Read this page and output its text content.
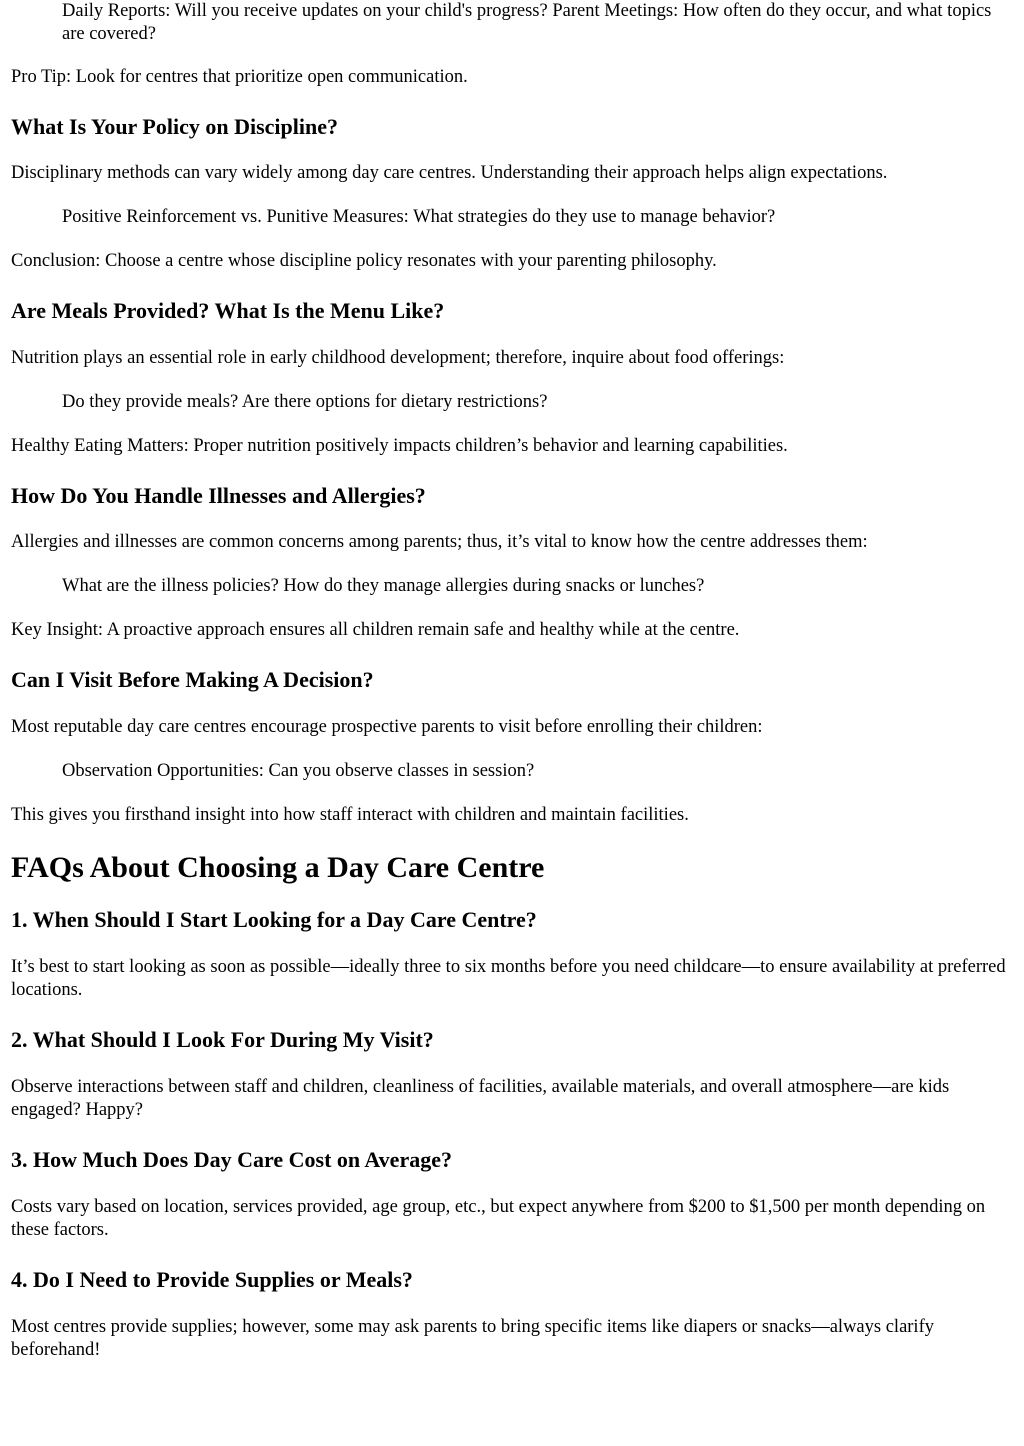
Daily Reports: Will you receive updates on your child's progress? Parent Meetings: How often do they occur, and what topics are covered?

Pro Tip: Look for centres that prioritize open communication.

What Is Your Policy on Discipline?

Disciplinary methods can vary widely among day care centres. Understanding their approach helps align expectations.

Positive Reinforcement vs. Punitive Measures: What strategies do they use to manage behavior?

Conclusion: Choose a centre whose discipline policy resonates with your parenting philosophy.

Are Meals Provided? What Is the Menu Like?

Nutrition plays an essential role in early childhood development; therefore, inquire about food offerings:

Do they provide meals? Are there options for dietary restrictions?

Healthy Eating Matters: Proper nutrition positively impacts children’s behavior and learning capabilities.

How Do You Handle Illnesses and Allergies?

Allergies and illnesses are common concerns among parents; thus, it’s vital to know how the centre addresses them:

What are the illness policies? How do they manage allergies during snacks or lunches?

Key Insight: A proactive approach ensures all children remain safe and healthy while at the centre.

Can I Visit Before Making A Decision?

Most reputable day care centres encourage prospective parents to visit before enrolling their children:

Observation Opportunities: Can you observe classes in session?

This gives you firsthand insight into how staff interact with children and maintain facilities.

FAQs About Choosing a Day Care Centre
1. When Should I Start Looking for a Day Care Centre?

It’s best to start looking as soon as possible—ideally three to six months before you need childcare—to ensure availability at preferred locations.

2. What Should I Look For During My Visit?

Observe interactions between staff and children, cleanliness of facilities, available materials, and overall atmosphere—are kids engaged? Happy?

3. How Much Does Day Care Cost on Average?

Costs vary based on location, services provided, age group, etc., but expect anywhere from $200 to $1,500 per month depending on these factors.

4. Do I Need to Provide Supplies or Meals?

Most centres provide supplies; however, some may ask parents to bring specific items like diapers or snacks—always clarify beforehand!
